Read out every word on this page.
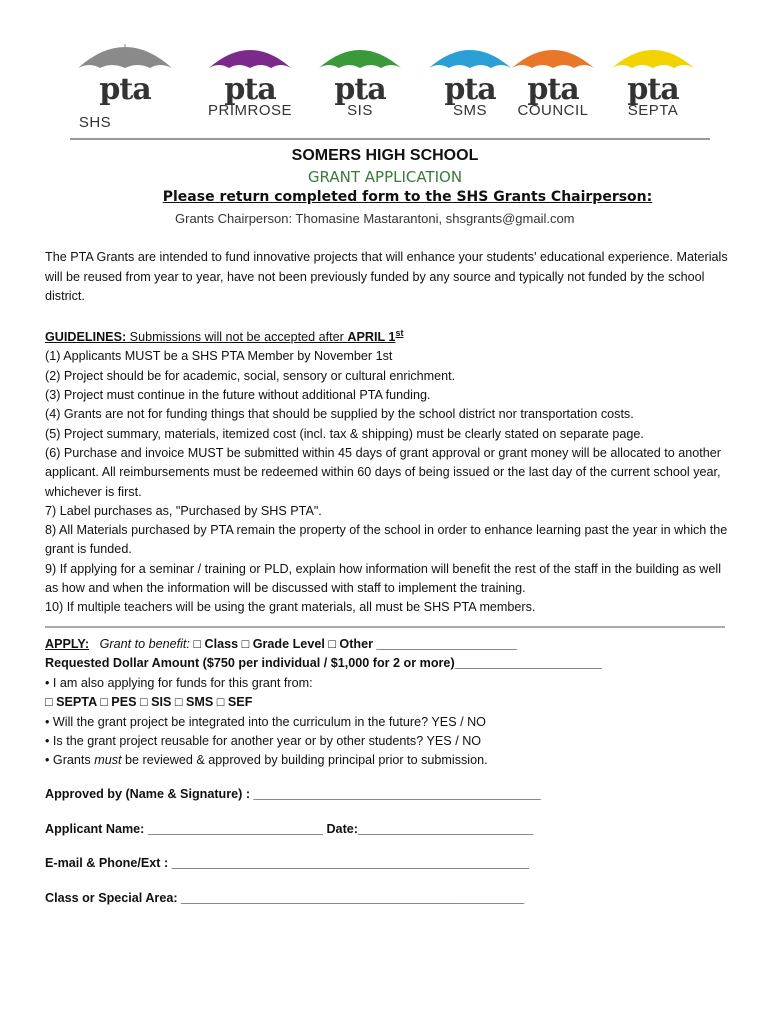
pta
SHS
pta
PRIMROSE
pta
SIS
pta
SMS
pta
COUNCIL
pta
SEPTA
SOMERS HIGH SCHOOL
GRANT APPLICATION
Please return completed form to the SHS Grants Chairperson:
Grants Chairperson: Thomasine Mastarantoni, shsgrants@gmail.com
The PTA Grants are intended to fund innovative projects that will enhance your students' educational experience. Materials will be reused from year to year, have not been previously funded by any source and typically not funded by the school district.

GUIDELINES: Submissions will not be accepted after APRIL 1st

(1) Applicants MUST be a SHS PTA Member by November 1st

(2) Project should be for academic, social, sensory or cultural enrichment.

(3) Project must continue in the future without additional PTA funding.

(4) Grants are not for funding things that should be supplied by the school district nor transportation costs.

(5) Project summary, materials, itemized cost (incl. tax & shipping) must be clearly stated on separate page.

(6) Purchase and invoice MUST be submitted within 45 days of grant approval or grant money will be allocated to another applicant. All reimbursements must be redeemed within 60 days of being issued or the last day of the current school year, whichever is first.

7) Label purchases as, "Purchased by SHS PTA".

8) All Materials purchased by PTA remain the property of the school in order to enhance learning past the year in which the grant is funded.

9) If applying for a seminar / training or PLD, explain how information will benefit the rest of the staff in the building as well as how and when the information will be discussed with staff to implement the training.

10) If multiple teachers will be using the grant materials, all must be SHS PTA members.

APPLY: Grant to benefit: □ Class □ Grade Level □ Other ____________________

Requested Dollar Amount ($750 per individual / $1,000 for 2 or more)_____________________

• I am also applying for funds for this grant from:

□ SEPTA □ PES □ SIS □ SMS □ SEF

• Will the grant project be integrated into the curriculum in the future? YES / NO

• Is the grant project reusable for another year or by other students? YES / NO

• Grants must be reviewed & approved by building principal prior to submission.

Approved by (Name & Signature) : _________________________________________
Applicant Name: _________________________ Date:_________________________
E-mail & Phone/Ext : ___________________________________________________
Class or Special Area: _________________________________________________
